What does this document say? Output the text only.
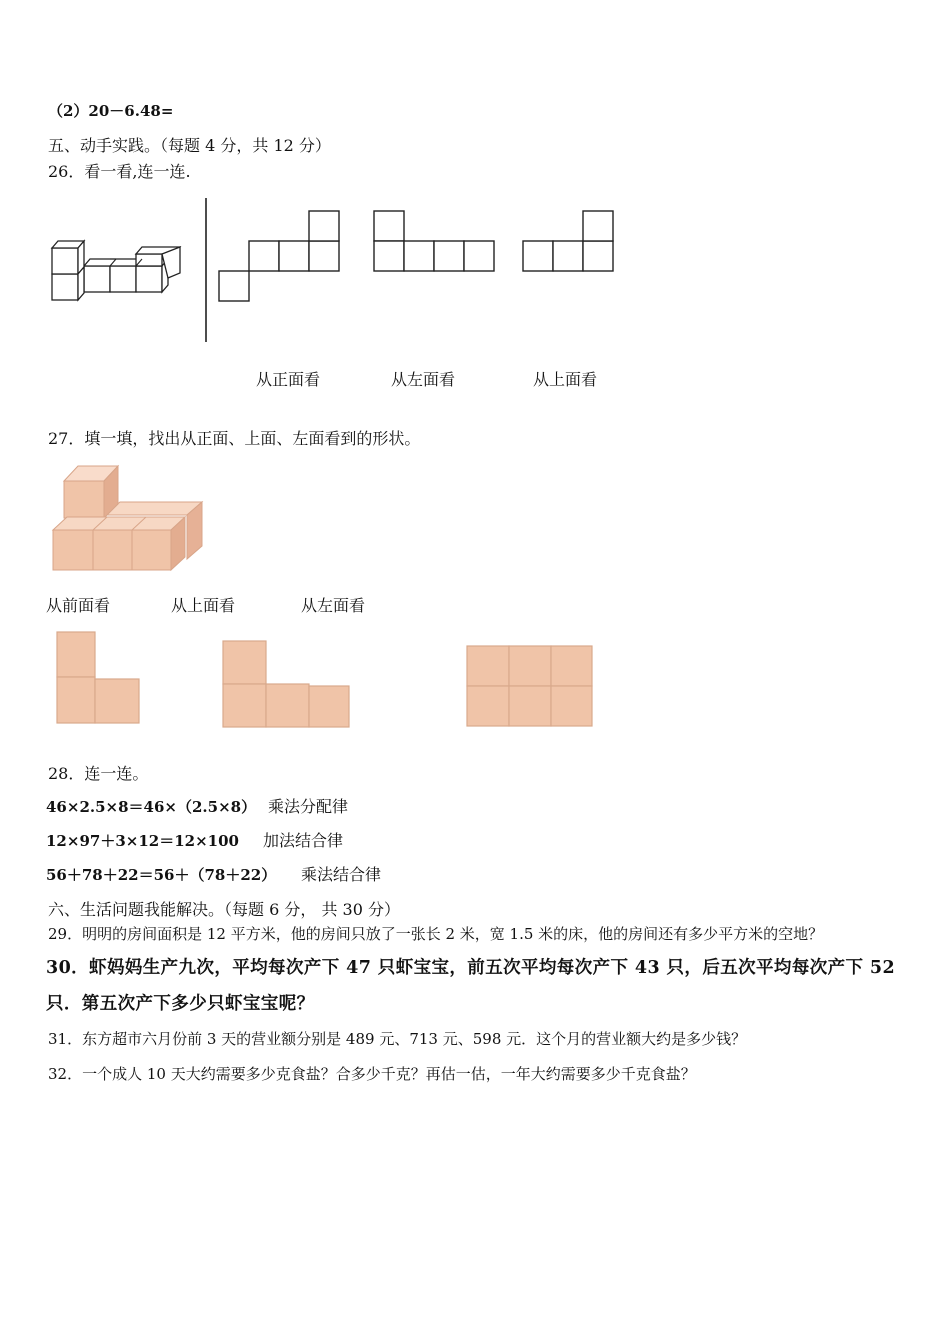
（2）20－6.48=
五、动手实践。（每题 4 分，共 12 分）
26．看一看,连一连.
从正面看	从左面看	从上面看
27．填一填，找出从正面、上面、左面看到的形状。
从前面看	从上面看	从左面看
28．连一连。
46×2.5×8＝46×（2.5×8） 乘法分配律
12×97＋3×12＝12×100 加法结合律
56＋78＋22＝56＋（78＋22） 乘法结合律
六、生活问题我能解决。（每题 6 分， 共 30 分）
29．明明的房间面积是 12 平方米，他的房间只放了一张长 2 米，宽 1.5 米的床，他的房间还有多少平方米的空地？
30．虾妈妈生产九次，平均每次产下 47 只虾宝宝，前五次平均每次产下 43 只，后五次平均每次产下 52
只．第五次产下多少只虾宝宝呢？
31．东方超市六月份前 3 天的营业额分别是 489 元、713 元、598 元．这个月的营业额大约是多少钱？
32．一个成人 10 天大约需要多少克食盐？合多少千克？再估一估，一年大约需要多少千克食盐？
